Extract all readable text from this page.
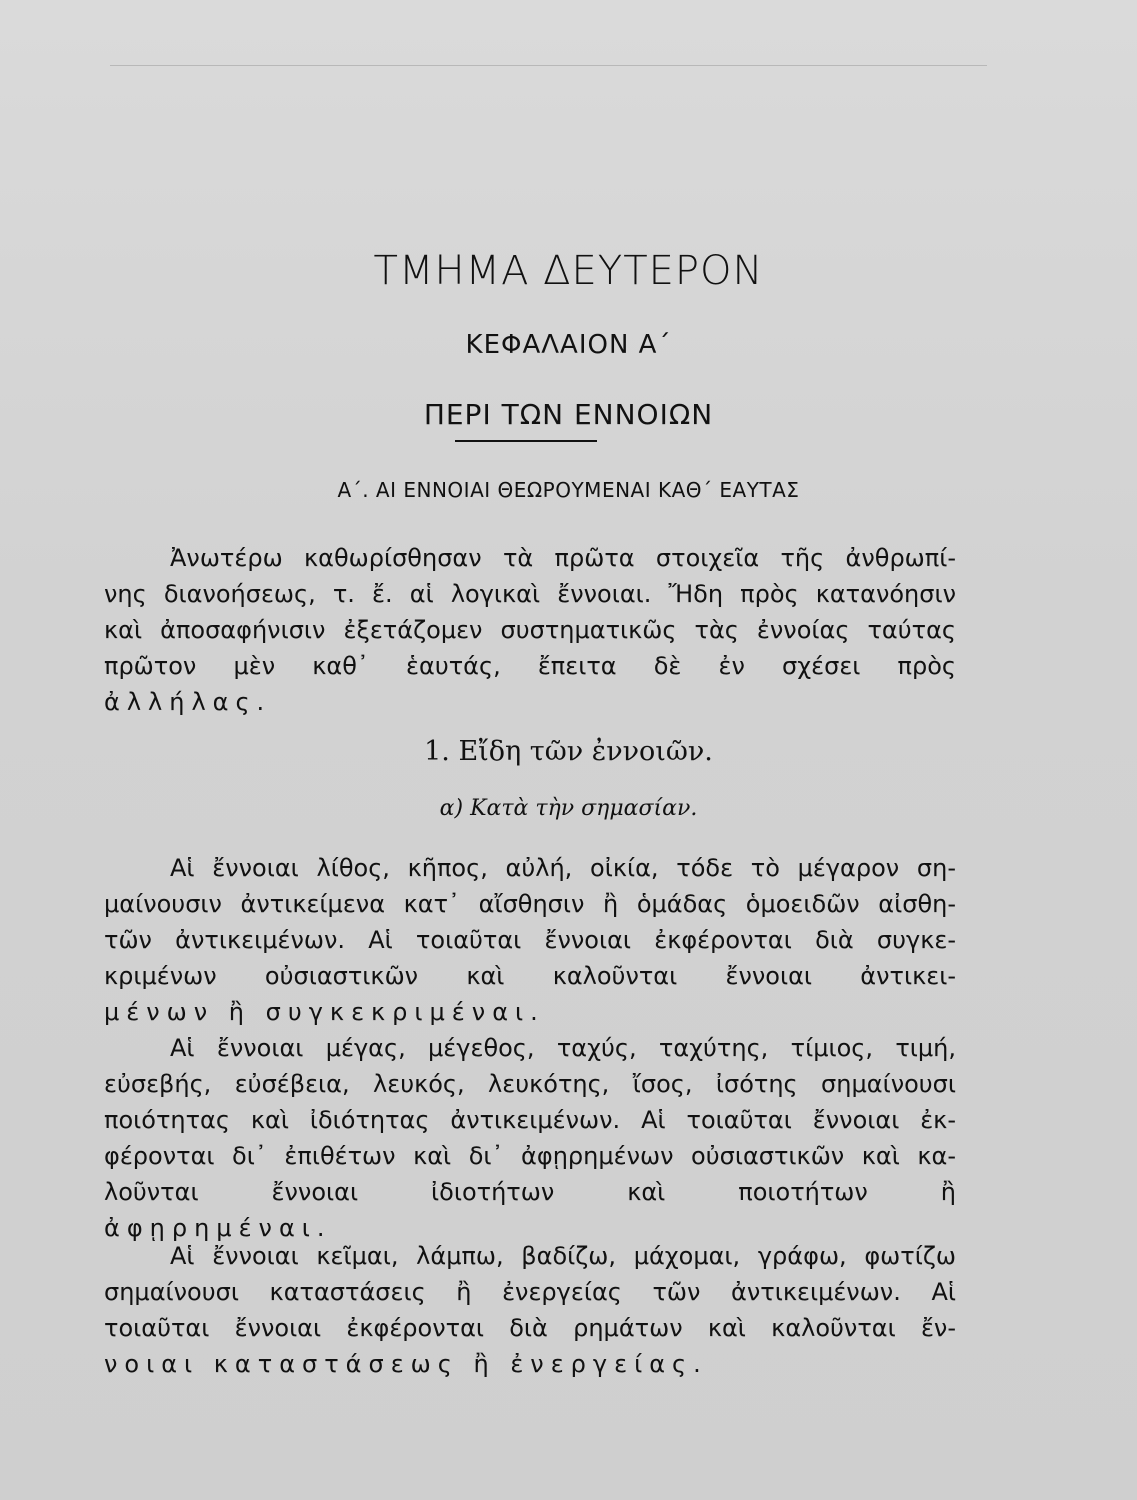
ΤΜΗΜΑ ΔΕΥΤΕΡΟΝ
ΚΕΦΑΛΑΙΟΝ Α΄
ΠΕΡΙ ΤΩΝ ΕΝΝΟΙΩΝ
Α΄. ΑΙ ΕΝΝΟΙΑΙ ΘΕΩΡΟΥΜΕΝΑΙ ΚΑΘ΄ ΕΑΥΤΑΣ
Ἀνωτέρω καθωρίσθησαν τὰ πρῶτα στοιχεῖα τῆς ἀνθρωπί-
νης διανοήσεως, τ. ἔ. αἱ λογικαὶ ἔννοιαι. Ἤδη πρὸς κατανόησιν
καὶ ἀποσαφήνισιν ἐξετάζομεν συστηματικῶς τὰς ἐννοίας ταύτας
πρῶτον μὲν καθ᾽ ἑαυτάς, ἔπειτα δὲ ἐν σχέσει πρὸς
ἀλλήλας.
1. Εἴδη τῶν ἐννοιῶν.
α) Κατὰ τὴν σημασίαν.
Αἱ ἔννοιαι λίθος, κῆπος, αὐλή, οἰκία, τόδε τὸ μέγαρον ση-
μαίνουσιν ἀντικείμενα κατ᾽ αἴσθησιν ἢ ὁμάδας ὁμοειδῶν αἰσθη-
τῶν ἀντικειμένων. Αἱ τοιαῦται ἔννοιαι ἐκφέρονται διὰ συγκε-
κριμένων οὐσιαστικῶν καὶ καλοῦνται ἔννοιαι ἀντικει-
μένων ἢ συγκεκριμέναι.
Αἱ ἔννοιαι μέγας, μέγεθος, ταχύς, ταχύτης, τίμιος, τιμή,
εὐσεβής, εὐσέβεια, λευκός, λευκότης, ἴσος, ἰσότης σημαίνουσι
ποιότητας καὶ ἰδιότητας ἀντικειμένων. Αἱ τοιαῦται ἔννοιαι ἐκ-
φέρονται δι᾽ ἐπιθέτων καὶ δι᾽ ἀφῃρημένων οὐσιαστικῶν καὶ κα-
λοῦνται ἔννοιαι ἰδιοτήτων καὶ ποιοτήτων ἢ
ἀφῃρημέναι.
Αἱ ἔννοιαι κεῖμαι, λάμπω, βαδίζω, μάχομαι, γράφω, φωτίζω
σημαίνουσι καταστάσεις ἢ ἐνεργείας τῶν ἀντικειμένων. Αἱ
τοιαῦται ἔννοιαι ἐκφέρονται διὰ ρημάτων καὶ καλοῦνται ἔν-
νοιαι καταστάσεως ἢ ἐνεργείας.
